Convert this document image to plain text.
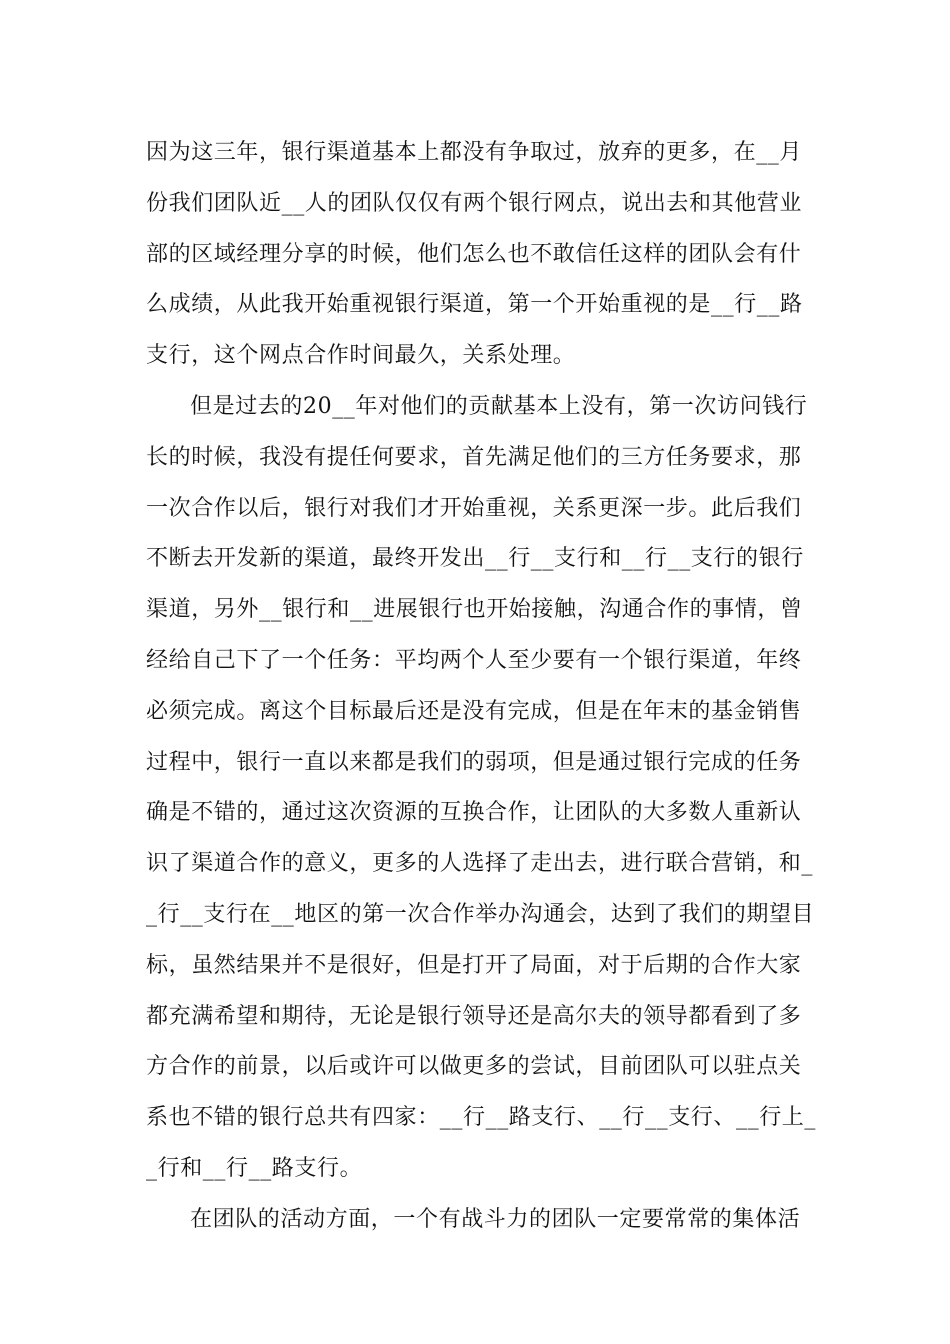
因为这三年，银行渠道基本上都没有争取过，放弃的更多，在__月
份我们团队近__人的团队仅仅有两个银行网点，说出去和其他营业
部的区域经理分享的时候，他们怎么也不敢信任这样的团队会有什
么成绩，从此我开始重视银行渠道，第一个开始重视的是__行__路
支行，这个网点合作时间最久，关系处理。
但是过去的20__年对他们的贡献基本上没有，第一次访问钱行
长的时候，我没有提任何要求，首先满足他们的三方任务要求，那
一次合作以后，银行对我们才开始重视，关系更深一步。此后我们
不断去开发新的渠道，最终开发出__行__支行和__行__支行的银行
渠道，另外__银行和__进展银行也开始接触，沟通合作的事情，曾
经给自己下了一个任务：平均两个人至少要有一个银行渠道，年终
必须完成。离这个目标最后还是没有完成，但是在年末的基金销售
过程中，银行一直以来都是我们的弱项，但是通过银行完成的任务
确是不错的，通过这次资源的互换合作，让团队的大多数人重新认
识了渠道合作的意义，更多的人选择了走出去，进行联合营销，和_
_行__支行在__地区的第一次合作举办沟通会，达到了我们的期望目
标，虽然结果并不是很好，但是打开了局面，对于后期的合作大家
都充满希望和期待，无论是银行领导还是高尔夫的领导都看到了多
方合作的前景，以后或许可以做更多的尝试，目前团队可以驻点关
系也不错的银行总共有四家：__行__路支行、__行__支行、__行上_
_行和__行__路支行。
在团队的活动方面，一个有战斗力的团队一定要常常的集体活
